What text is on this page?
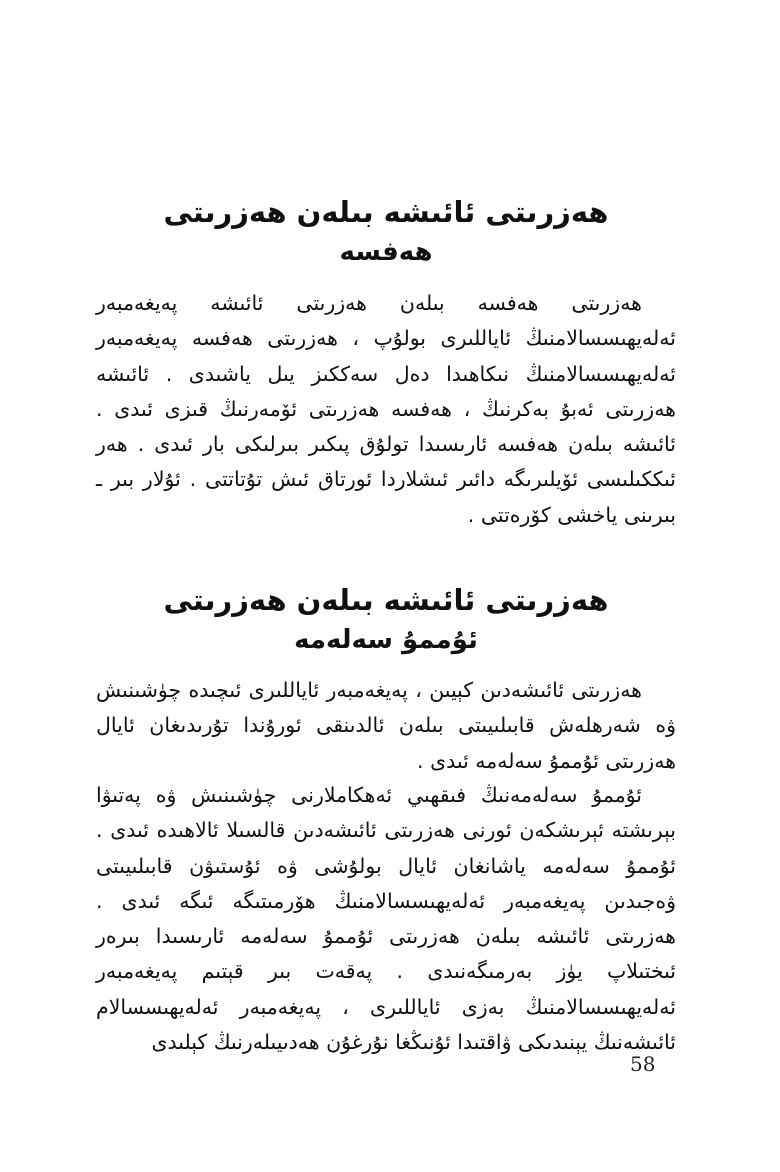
هەزرىتى ئائىشە بىلەن هەزرىتى
هەفسە

هەزرىتى هەفسە بىلەن هەزرىتى ئائىشە پەيغەمبەر ئەلەيهىسسالامنىڭ ئاياللىرى بولۇپ ، هەزرىتى هەفسە پەيغەمبەر ئەلەيهىسسالامنىڭ نىكاهىدا دەل سەككىز يىل ياشىدى . ئائىشە هەزرىتى ئەبۇ بەكرنىڭ ، هەفسە هەزرىتى ئۆمەرنىڭ قىزى ئىدى . ئائىشە بىلەن هەفسە ئارىسىدا تولۇق پىكىر بىرلىكى بار ئىدى . هەر ئىككىلىسى ئۆيلىرىگە دائىر ئىشلاردا ئورتاق ئىش تۇتاتتى . ئۇلار بىر ـ بىرىنى ياخشى كۆرەتتى .

هەزرىتى ئائىشە بىلەن هەزرىتى
ئۇممۇ سەلەمە

هەزرىتى ئائىشەدىن كېيىن ، پەيغەمبەر ئاياللىرى ئىچىدە چۈشىنىش ۋە شەرھلەش قابىلىيىتى بىلەن ئالدىنقى ئورۇندا تۇرىدىغان ئايال هەزرىتى ئۇممۇ سەلەمە ئىدى .

ئۇممۇ سەلەمەنىڭ فىقھىي ئەهكاملارنى چۈشىنىش ۋە پەتىۋا بېرىشتە ئېرىشكەن ئورنى هەزرىتى ئائىشەدىن قالسىلا ئالاهىدە ئىدى . ئۇممۇ سەلەمە ياشانغان ئايال بولۇشى ۋە ئۇستىۋن قابىلىيىتى ۋەجىدىن پەيغەمبەر ئەلەيهىسسالامنىڭ هۆرمىتىگە ئىگە ئىدى . هەزرىتى ئائىشە بىلەن هەزرىتى ئۇممۇ سەلەمە ئارىسىدا بىرەر ئىختىلاپ يۈز بەرمىگەنىدى . پەقەت بىر قېتىم پەيغەمبەر ئەلەيهىسسالامنىڭ بەزى ئاياللىرى ، پەيغەمبەر ئەلەيهىسسالام ئائىشەنىڭ يېنىدىكى ۋاقتىدا ئۇنىڭغا نۇرغۇن هەدىيىلەرنىڭ كېلىدى

58
